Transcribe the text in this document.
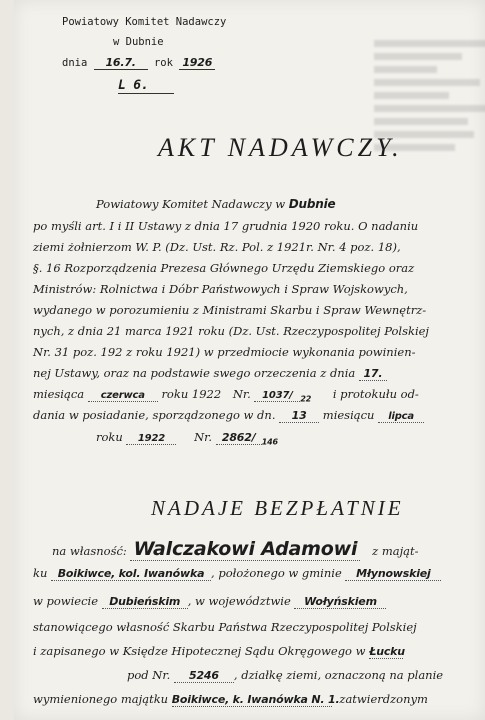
Powiatowy Komitet Nadawczy
w Dubnie
dnia 16.7. rok 1926
L 6.
AKT NADAWCZY.
Powiatowy Komitet Nadawczy w Dubnie
po myśli art. I i II Ustawy z dnia 17 grudnia 1920 roku. O nadaniu
ziemi żołnierzom W. P. (Dz. Ust. Rz. Pol. z 1921r. Nr. 4 poz. 18),
§. 16 Rozporządzenia Prezesa Głównego Urzędu Ziemskiego oraz
Ministrów: Rolnictwa i Dóbr Państwowych i Spraw Wojskowych,
wydanego w porozumieniu z Ministrami Skarbu i Spraw Wewnętrz-
nych, z dnia 21 marca 1921 roku (Dz. Ust. Rzeczypospolitej Polskiej
Nr. 31 poz. 192 z roku 1921) w przedmiocie wykonania powinien-
nej Ustawy, oraz na podstawie swego orzeczenia z dnia 17.
miesiąca czerwca roku 1922 Nr. 1037/ $_{22}$ i protokułu od-
dania w posiadanie, sporządzonego w dn. 13 miesiącu lipca
roku 1922	Nr. 2862/ $_{146}$
NADAJE BEZPŁATNIE
na własność: Walczakowi Adamowi z mająt-
ku Boikiwce, kol. Iwanówka , położonego w gminie Młynowskiej
w powiecie Dubieńskim , w województwie Wołyńskiem
stanowiącego własność Skarbu Państwa Rzeczypospolitej Polskiej
i zapisanego w Księdze Hipotecznej Sądu Okręgowego w Łucku
pod Nr. 5246 , działkę ziemi, oznaczoną na planie
wymienionego majątku Boikiwce, k. Iwanówka N. 1. zatwierdzonym
